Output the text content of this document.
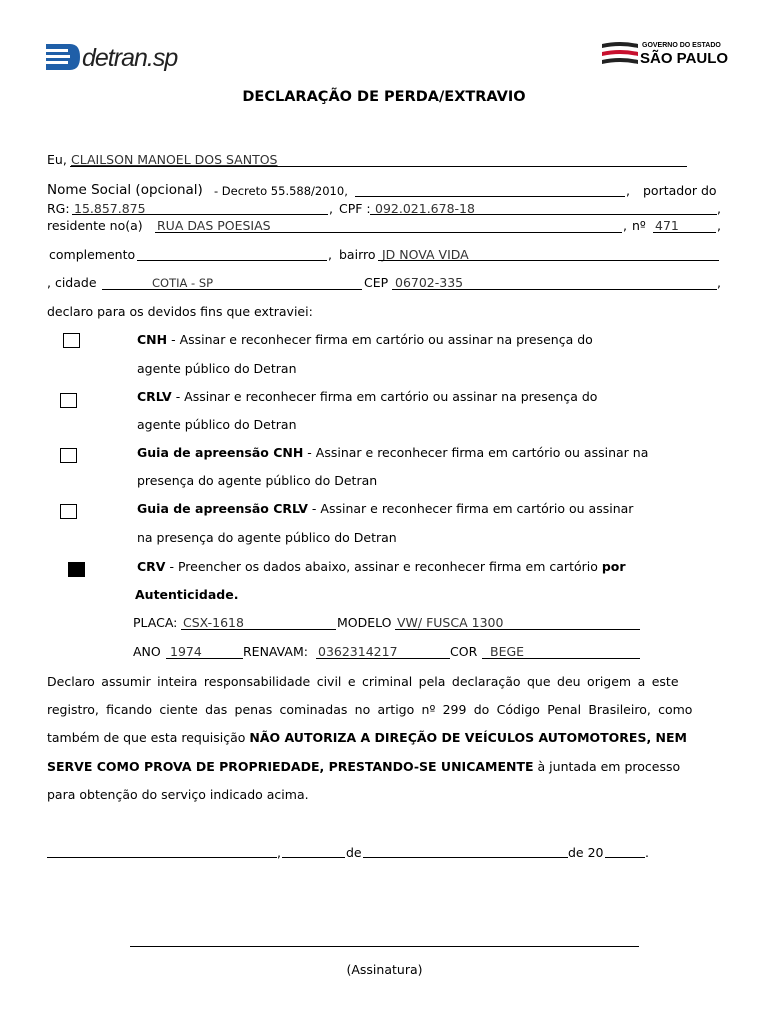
detran.sp	GOVERNO DO ESTADO
SÃO PAULO
DECLARAÇÃO DE PERDA/EXTRAVIO
Eu, CLAILSON MANOEL DOS SANTOS
Nome Social (opcional) - Decreto 55.588/2010,	, portador do
RG: 15.857.875	, CPF : 092.021.678-18	,
residente no(a) RUA DAS POESIAS	, nº 471	,
complemento	, bairro JD NOVA VIDA
, cidade	COTIA - SP	CEP 06702-335	,
declaro para os devidos fins que extraviei:
CNH - Assinar e reconhecer firma em cartório ou assinar na presença do
agente público do Detran
CRLV - Assinar e reconhecer firma em cartório ou assinar na presença do
agente público do Detran
Guia de apreensão CNH - Assinar e reconhecer firma em cartório ou assinar na
presença do agente público do Detran
Guia de apreensão CRLV - Assinar e reconhecer firma em cartório ou assinar
na presença do agente público do Detran
CRV - Preencher os dados abaixo, assinar e reconhecer firma em cartório por
Autenticidade.
PLACA: CSX-1618	MODELO VW/ FUSCA 1300
ANO 1974	RENAVAM: 0362314217	COR BEGE
Declaro assumir inteira responsabilidade civil e criminal pela declaração que deu origem a este
registro, ficando ciente das penas cominadas no artigo nº 299 do Código Penal Brasileiro, como
também de que esta requisição NÃO AUTORIZA A DIREÇÃO DE VEÍCULOS AUTOMOTORES, NEM
SERVE COMO PROVA DE PROPRIEDADE, PRESTANDO-SE UNICAMENTE à juntada em processo
para obtenção do serviço indicado acima.
,	de	de 20	.
(Assinatura)
